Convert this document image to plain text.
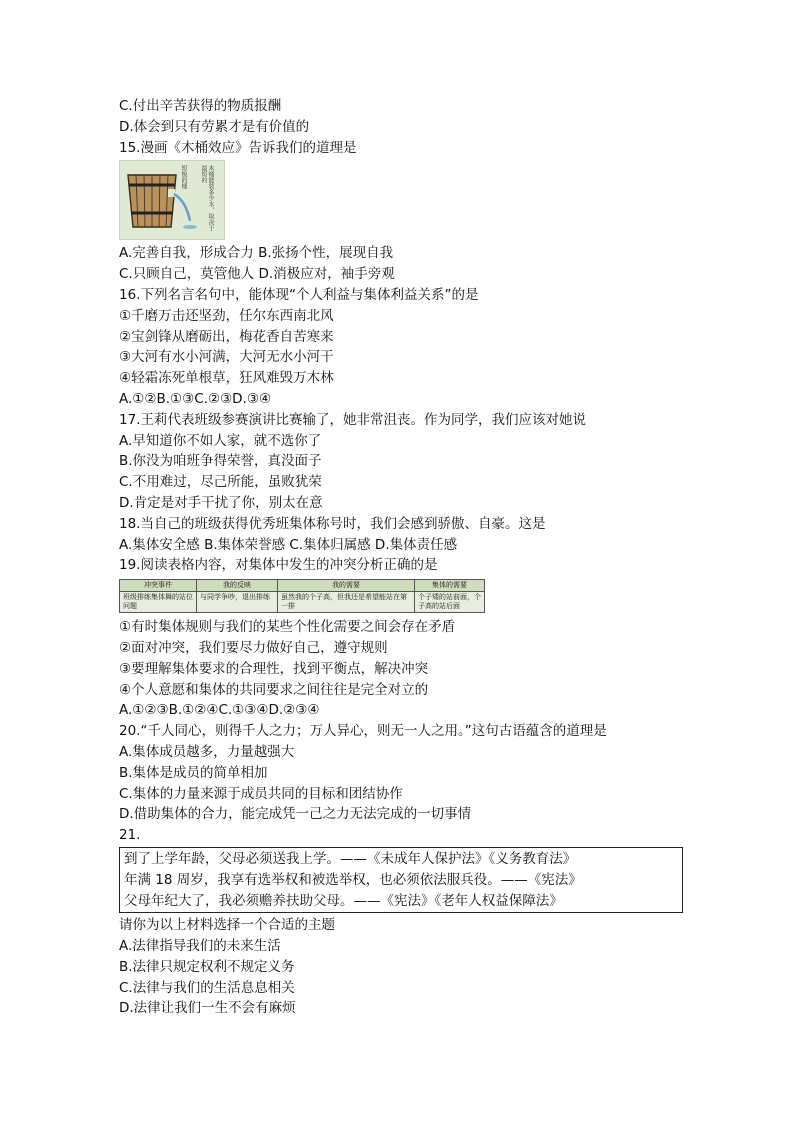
C.付出辛苦获得的物质报酬
D.体会到只有劳累才是有价值的
15.漫画《木桶效应》告诉我们的道理是
短板的桶	木桶能装多少水，取决于最短的
A.完善自我，形成合力 B.张扬个性，展现自我
C.只顾自己，莫管他人 D.消极应对，袖手旁观
16.下列名言名句中，能体现“个人利益与集体利益关系”的是
①千磨万击还坚劲，任尔东西南北风
②宝剑锋从磨砺出，梅花香自苦寒来
③大河有水小河满，大河无水小河干
④轻霜冻死单根草，狂风难毁万木林
A.①②B.①③C.②③D.③④
17.王莉代表班级参赛演讲比赛输了，她非常沮丧。作为同学，我们应该对她说
A.早知道你不如人家，就不选你了
B.你没为咱班争得荣誉，真没面子
C.不用难过，尽己所能，虽败犹荣
D.肯定是对手干扰了你，别太在意
18.当自己的班级获得优秀班集体称号时，我们会感到骄傲、自豪。这是
A.集体安全感 B.集体荣誉感 C.集体归属感 D.集体责任感
19.阅读表格内容，对集体中发生的冲突分析正确的是
冲突事件	我的反映	我的需要	集体的需要
班级排练集体舞的站位问题	与同学争吵，退出排练	虽然我的个子高，但我还是希望能站在第一排	个子矮的站前面，个子高的站后面
①有时集体规则与我们的某些个性化需要之间会存在矛盾
②面对冲突，我们要尽力做好自己，遵守规则
③要理解集体要求的合理性，找到平衡点，解决冲突
④个人意愿和集体的共同要求之间往往是完全对立的
A.①②③B.①②④C.①③④D.②③④
20.“千人同心，则得千人之力；万人异心，则无一人之用。”这句古语蕴含的道理是
A.集体成员越多，力量越强大
B.集体是成员的简单相加
C.集体的力量来源于成员共同的目标和团结协作
D.借助集体的合力，能完成凭一己之力无法完成的一切事情
21.
到了上学年龄，父母必须送我上学。——《未成年人保护法》《义务教育法》
年满 18 周岁，我享有选举权和被选举权，也必须依法服兵役。——《宪法》
父母年纪大了，我必须赡养扶助父母。——《宪法》《老年人权益保障法》
请你为以上材料选择一个合适的主题
A.法律指导我们的未来生活
B.法律只规定权利不规定义务
C.法律与我们的生活息息相关
D.法律让我们一生不会有麻烦
